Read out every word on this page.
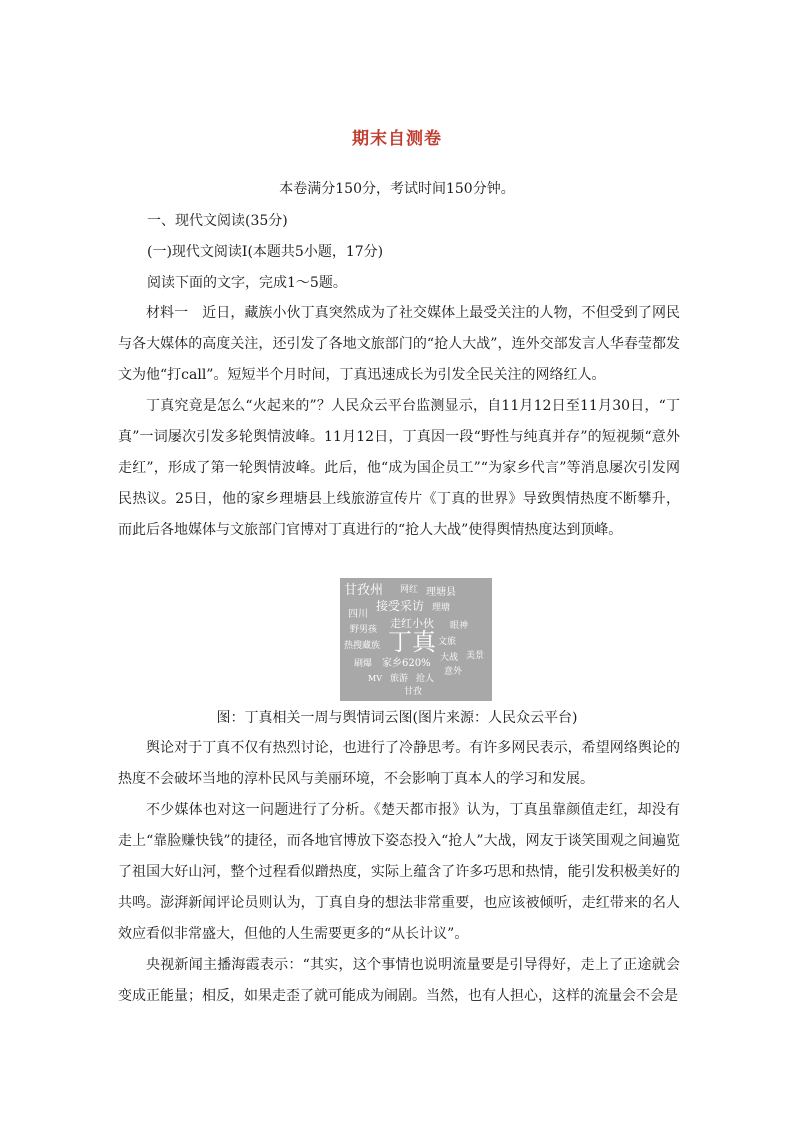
期末自测卷
本卷满分150分，考试时间150分钟。
一、现代文阅读(35分)
(一)现代文阅读Ⅰ(本题共5小题，17分)
阅读下面的文字，完成1～5题。
材料一　近日，藏族小伙丁真突然成为了社交媒体上最受关注的人物，不但受到了网民与各大媒体的高度关注，还引发了各地文旅部门的“抢人大战”，连外交部发言人华春莹都发文为他“打call”。短短半个月时间，丁真迅速成长为引发全民关注的网络红人。
丁真究竟是怎么“火起来的”？人民众云平台监测显示，自11月12日至11月30日，“丁真”一词屡次引发多轮舆情波峰。11月12日，丁真因一段“野性与纯真并存”的短视频“意外走红”，形成了第一轮舆情波峰。此后，他“成为国企员工”“为家乡代言”等消息屡次引发网民热议。25日，他的家乡理塘县上线旅游宣传片《丁真的世界》导致舆情热度不断攀升，而此后各地媒体与文旅部门官博对丁真进行的“抢人大战”使得舆情热度达到顶峰。
甘孜州 网红 理塘县
接受采访
四川
理塘
走红小伙 眼神
野男孩 丁真
热搜藏族	文旅
大战 美景
刷爆 家乡620%
意外
MV 旅游 抢人
甘孜
图：丁真相关一周与舆情词云图(图片来源：人民众云平台)
舆论对于丁真不仅有热烈讨论，也进行了冷静思考。有许多网民表示，希望网络舆论的热度不会破坏当地的淳朴民风与美丽环境，不会影响丁真本人的学习和发展。
不少媒体也对这一问题进行了分析。《楚天都市报》认为，丁真虽靠颜值走红，却没有走上“靠脸赚快钱”的捷径，而各地官博放下姿态投入“抢人”大战，网友于谈笑围观之间遍览了祖国大好山河，整个过程看似蹭热度，实际上蕴含了许多巧思和热情，能引发积极美好的共鸣。澎湃新闻评论员则认为，丁真自身的想法非常重要，也应该被倾听，走红带来的名人效应看似非常盛大，但他的人生需要更多的“从长计议”。
央视新闻主播海霞表示：“其实，这个事情也说明流量要是引导得好，走上了正途就会变成正能量；相反，如果走歪了就可能成为闹剧。当然，也有人担心，这样的流量会不会是
